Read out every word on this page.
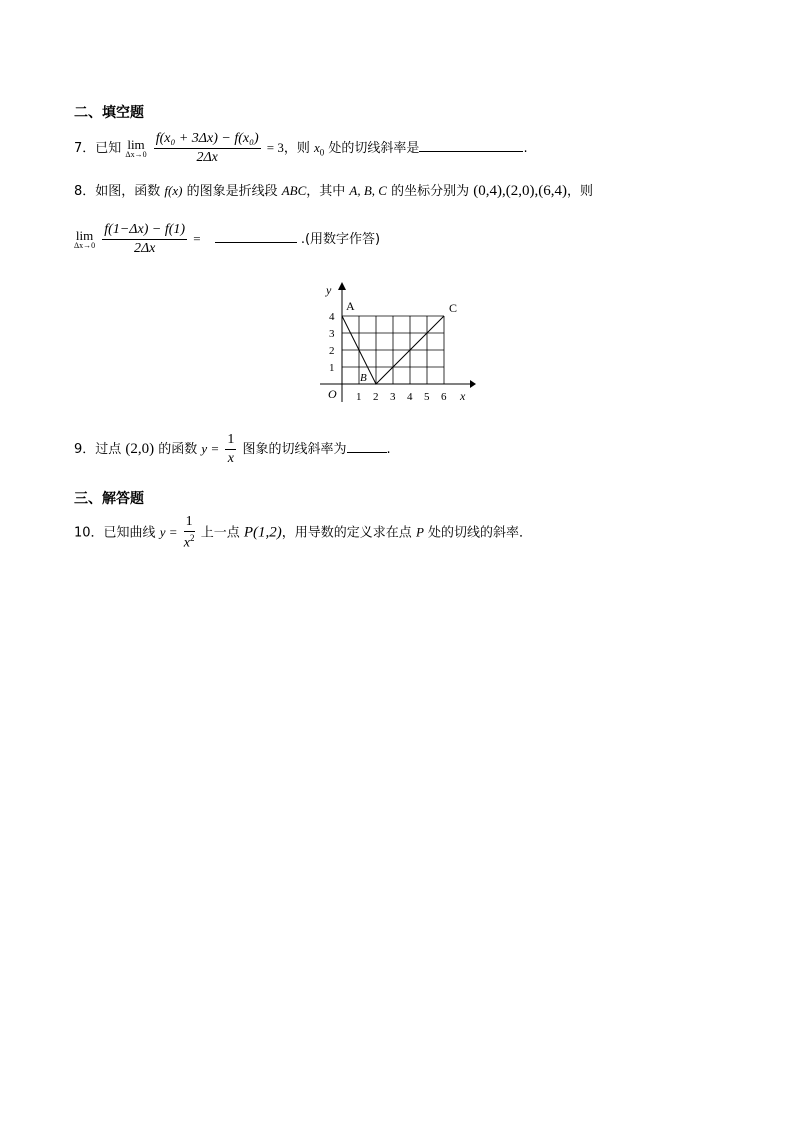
二、填空题
7．已知 lim
Δx→0
$\frac{\text{f(x₀ + 3Δx) − f(x₀)}}{2\Delta x} = 3$，则 $x_0$ 处的切线斜率是	.
8．如图，函数 f(x) 的图象是折线段 ABC，其中 A, B, C 的坐标分别为 (0,4),(2,0),(6,4)，则
lim
Δx→0
$\frac{f(1-\Delta x) - f(1)}{2\Delta x}$ =	.(用数字作答)
y
x
O
A
B
C
1 2 3 4 5 6
1
2
3
4
9．过点 (2,0) 的函数 $y = \frac{1}{x}$ 图象的切线斜率为	.
三、解答题
10．已知曲线 $y = \frac{1}{x^2}$ 上一点 P(1,2)，用导数的定义求在点 P 处的切线的斜率．
